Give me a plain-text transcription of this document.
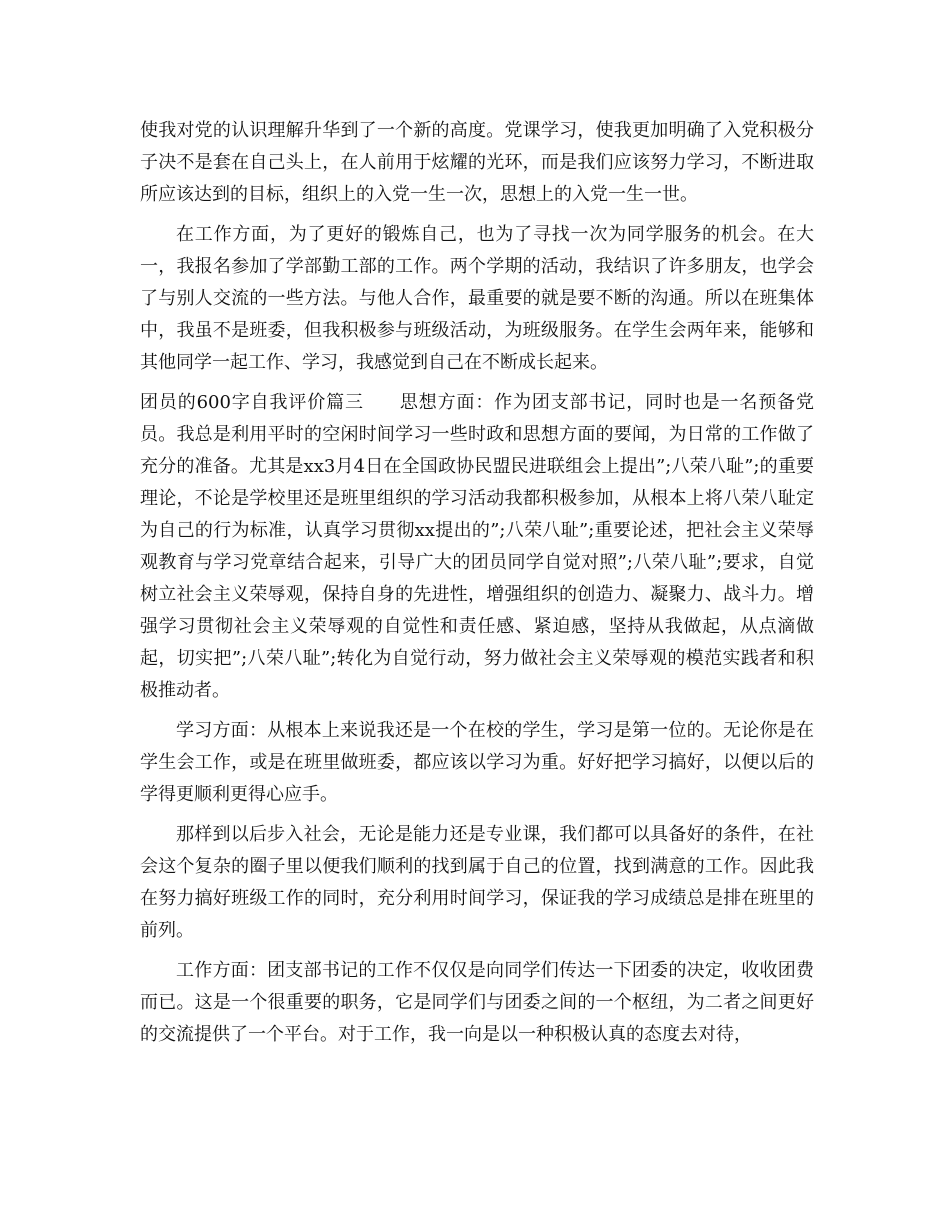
使我对党的认识理解升华到了一个新的高度。党课学习，使我更加明确了入党积极分子决不是套在自己头上，在人前用于炫耀的光环，而是我们应该努力学习，不断进取所应该达到的目标，组织上的入党一生一次，思想上的入党一生一世。

在工作方面，为了更好的锻炼自己，也为了寻找一次为同学服务的机会。在大一，我报名参加了学部勤工部的工作。两个学期的活动，我结识了许多朋友，也学会了与别人交流的一些方法。与他人合作，最重要的就是要不断的沟通。所以在班集体中，我虽不是班委，但我积极参与班级活动，为班级服务。在学生会两年来，能够和其他同学一起工作、学习，我感觉到自己在不断成长起来。

团员的600字自我评价篇三 思想方面：作为团支部书记，同时也是一名预备党员。我总是利用平时的空闲时间学习一些时政和思想方面的要闻，为日常的工作做了充分的准备。尤其是xx3月4日在全国政协民盟民进联组会上提出”;八荣八耻”;的重要理论，不论是学校里还是班里组织的学习活动我都积极参加，从根本上将八荣八耻定为自己的行为标准，认真学习贯彻xx提出的”;八荣八耻”;重要论述，把社会主义荣辱观教育与学习党章结合起来，引导广大的团员同学自觉对照”;八荣八耻”;要求，自觉树立社会主义荣辱观，保持自身的先进性，增强组织的创造力、凝聚力、战斗力。增强学习贯彻社会主义荣辱观的自觉性和责任感、紧迫感，坚持从我做起，从点滴做起，切实把”;八荣八耻”;转化为自觉行动，努力做社会主义荣辱观的模范实践者和积极推动者。

学习方面：从根本上来说我还是一个在校的学生，学习是第一位的。无论你是在学生会工作，或是在班里做班委，都应该以学习为重。好好把学习搞好，以便以后的学得更顺利更得心应手。

那样到以后步入社会，无论是能力还是专业课，我们都可以具备好的条件，在社会这个复杂的圈子里以便我们顺利的找到属于自己的位置，找到满意的工作。因此我在努力搞好班级工作的同时，充分利用时间学习，保证我的学习成绩总是排在班里的前列。

工作方面：团支部书记的工作不仅仅是向同学们传达一下团委的决定，收收团费而已。这是一个很重要的职务，它是同学们与团委之间的一个枢纽，为二者之间更好的交流提供了一个平台。对于工作，我一向是以一种积极认真的态度去对待，
